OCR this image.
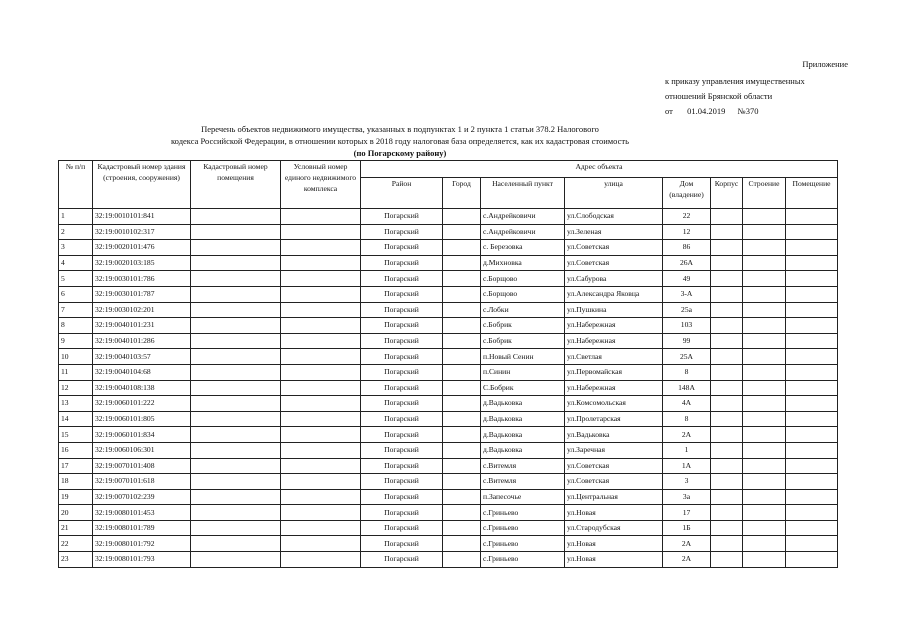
Приложение
к приказу управления имущественных
отношений Брянской области
от 01.04.2019 №370
Перечень объектов недвижимого имущества, указанных в подпунктах 1 и 2 пункта 1 статьи 378.2 Налогового
кодекса Российской Федерации, в отношении которых в 2018 году налоговая база определяется, как их кадастровая стоимость
(по Погарскому району)
№ п/п	Кадастровый номер здания (строения, сооружения)	Кадастровый номер помещения	Условный номер единого недвижимого комплекса	Адрес объекта							
				Район	Город	Населенный пункт	улица	Дом (владение)	Корпус	Строение	Помещение
1	32:19:0010101:841			Погарский		с.Андрейковичи	ул.Слободская	22			
2	32:19:0010102:317			Погарский		с.Андрейковичи	ул.Зеленая	12			
3	32:19:0020101:476			Погарский		с. Березовка	ул.Советская	86			
4	32:19:0020103:185			Погарский		д.Михновка	ул.Советская	26А			
5	32:19:0030101:786			Погарский		с.Борщово	ул.Сабурова	49			
6	32:19:0030101:787			Погарский		с.Борщово	ул.Александра Яковца	3-А			
7	32:19:0030102:201			Погарский		с.Лобки	ул.Пушкина	25а			
8	32:19:0040101:231			Погарский		с.Бобрик	ул.Набережная	103			
9	32:19:0040101:286			Погарский		с.Бобрик	ул.Набережная	99			
10	32:19:0040103:57			Погарский		п.Новый Сенин	ул.Светлая	25А			
11	32:19:0040104:68			Погарский		п.Синин	ул.Первомайская	8			
12	32:19:0040108:138			Погарский		С.Бобрик	ул.Набережная	148А			
13	32:19:0060101:222			Погарский		д.Вадьковка	ул.Комсомольская	4А			
14	32:19:0060101:805			Погарский		д.Вадьковка	ул.Пролетарская	8			
15	32:19:0060101:834			Погарский		д.Вадьковка	ул.Вадьковка	2А			
16	32:19:0060106:301			Погарский		д.Вадьковка	ул.Заречная	1			
17	32:19:0070101:408			Погарский		с.Витемля	ул.Советская	1А			
18	32:19:0070101:618			Погарский		с.Витемля	ул.Советская	3			
19	32:19:0070102:239			Погарский		п.Запесочье	ул.Центральная	3а			
20	32:19:0080101:453			Погарский		с.Гриньево	ул.Новая	17			
21	32:19:0080101:789			Погарский		с.Гриньево	ул.Стародубская	1Б			
22	32:19:0080101:792			Погарский		с.Гриньево	ул.Новая	2А			
23	32:19:0080101:793			Погарский		с.Гриньево	ул.Новая	2А			
